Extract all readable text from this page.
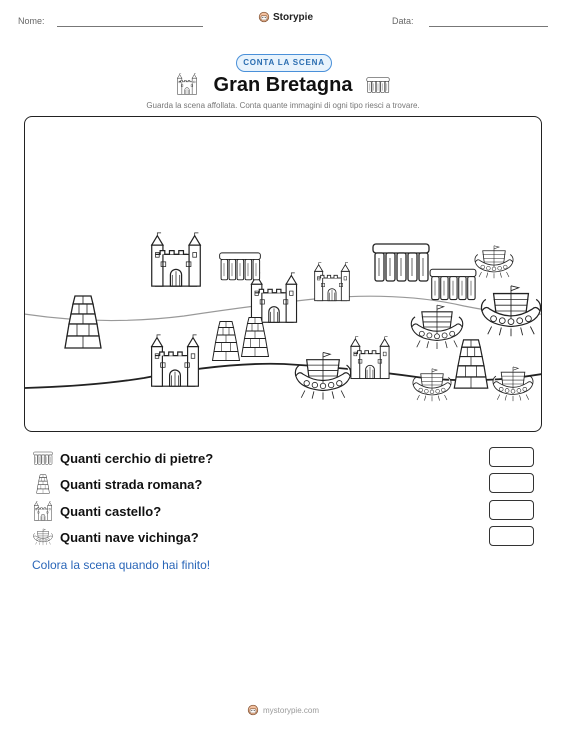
Nome:	Storypie	Data:
CONTA LA SCENA
Gran Bretagna
Guarda la scena affollata. Conta quante immagini di ogni tipo riesci a trovare.
Quanti cerchio di pietre?
Quanti strada romana?
Quanti castello?
Quanti nave vichinga?
Colora la scena quando hai finito!
mystorypie.com
